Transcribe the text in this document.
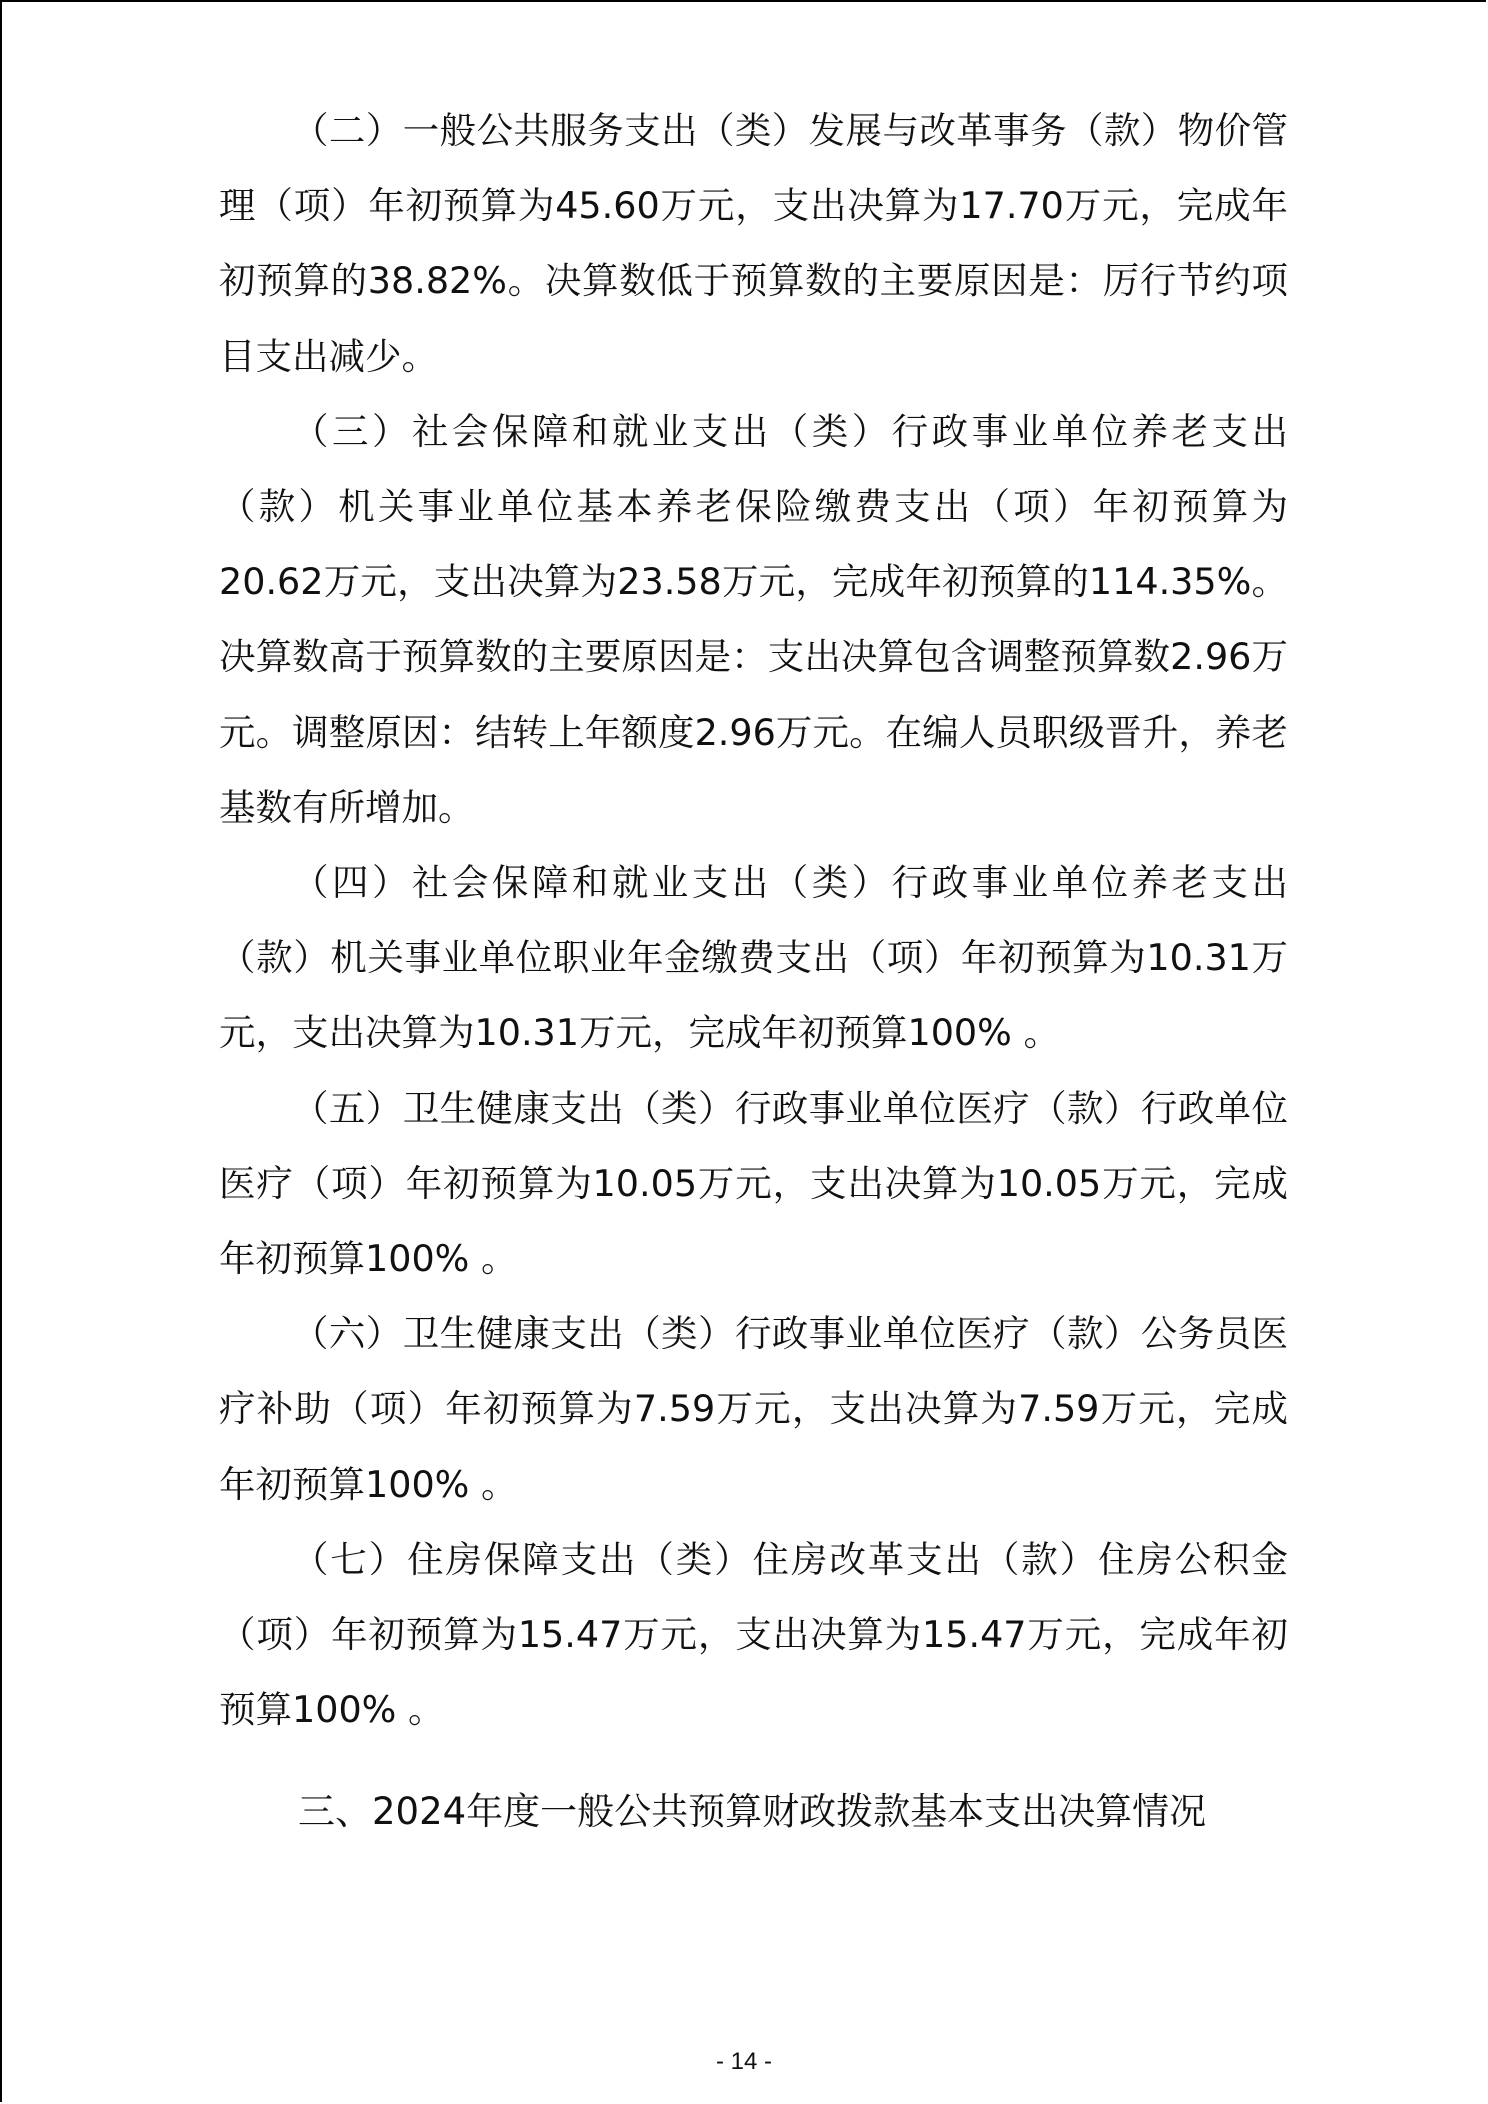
（二）一般公共服务支出（类）发展与改革事务（款）物价管理（项）年初预算为45.60万元，支出决算为17.70万元，完成年初预算的38.82%。决算数低于预算数的主要原因是：厉行节约项目支出减少。

（三）社会保障和就业支出（类）行政事业单位养老支出（款）机关事业单位基本养老保险缴费支出（项）年初预算为20.62万元，支出决算为23.58万元，完成年初预算的114.35%。决算数高于预算数的主要原因是：支出决算包含调整预算数2.96万元。调整原因：结转上年额度2.96万元。在编人员职级晋升，养老基数有所增加。

（四）社会保障和就业支出（类）行政事业单位养老支出（款）机关事业单位职业年金缴费支出（项）年初预算为10.31万元，支出决算为10.31万元，完成年初预算100% 。

（五）卫生健康支出（类）行政事业单位医疗（款）行政单位医疗（项）年初预算为10.05万元，支出决算为10.05万元，完成年初预算100% 。

（六）卫生健康支出（类）行政事业单位医疗（款）公务员医疗补助（项）年初预算为7.59万元，支出决算为7.59万元，完成年初预算100% 。

（七）住房保障支出（类）住房改革支出（款）住房公积金（项）年初预算为15.47万元，支出决算为15.47万元，完成年初预算100% 。

三、2024年度一般公共预算财政拨款基本支出决算情况
- 14 -
